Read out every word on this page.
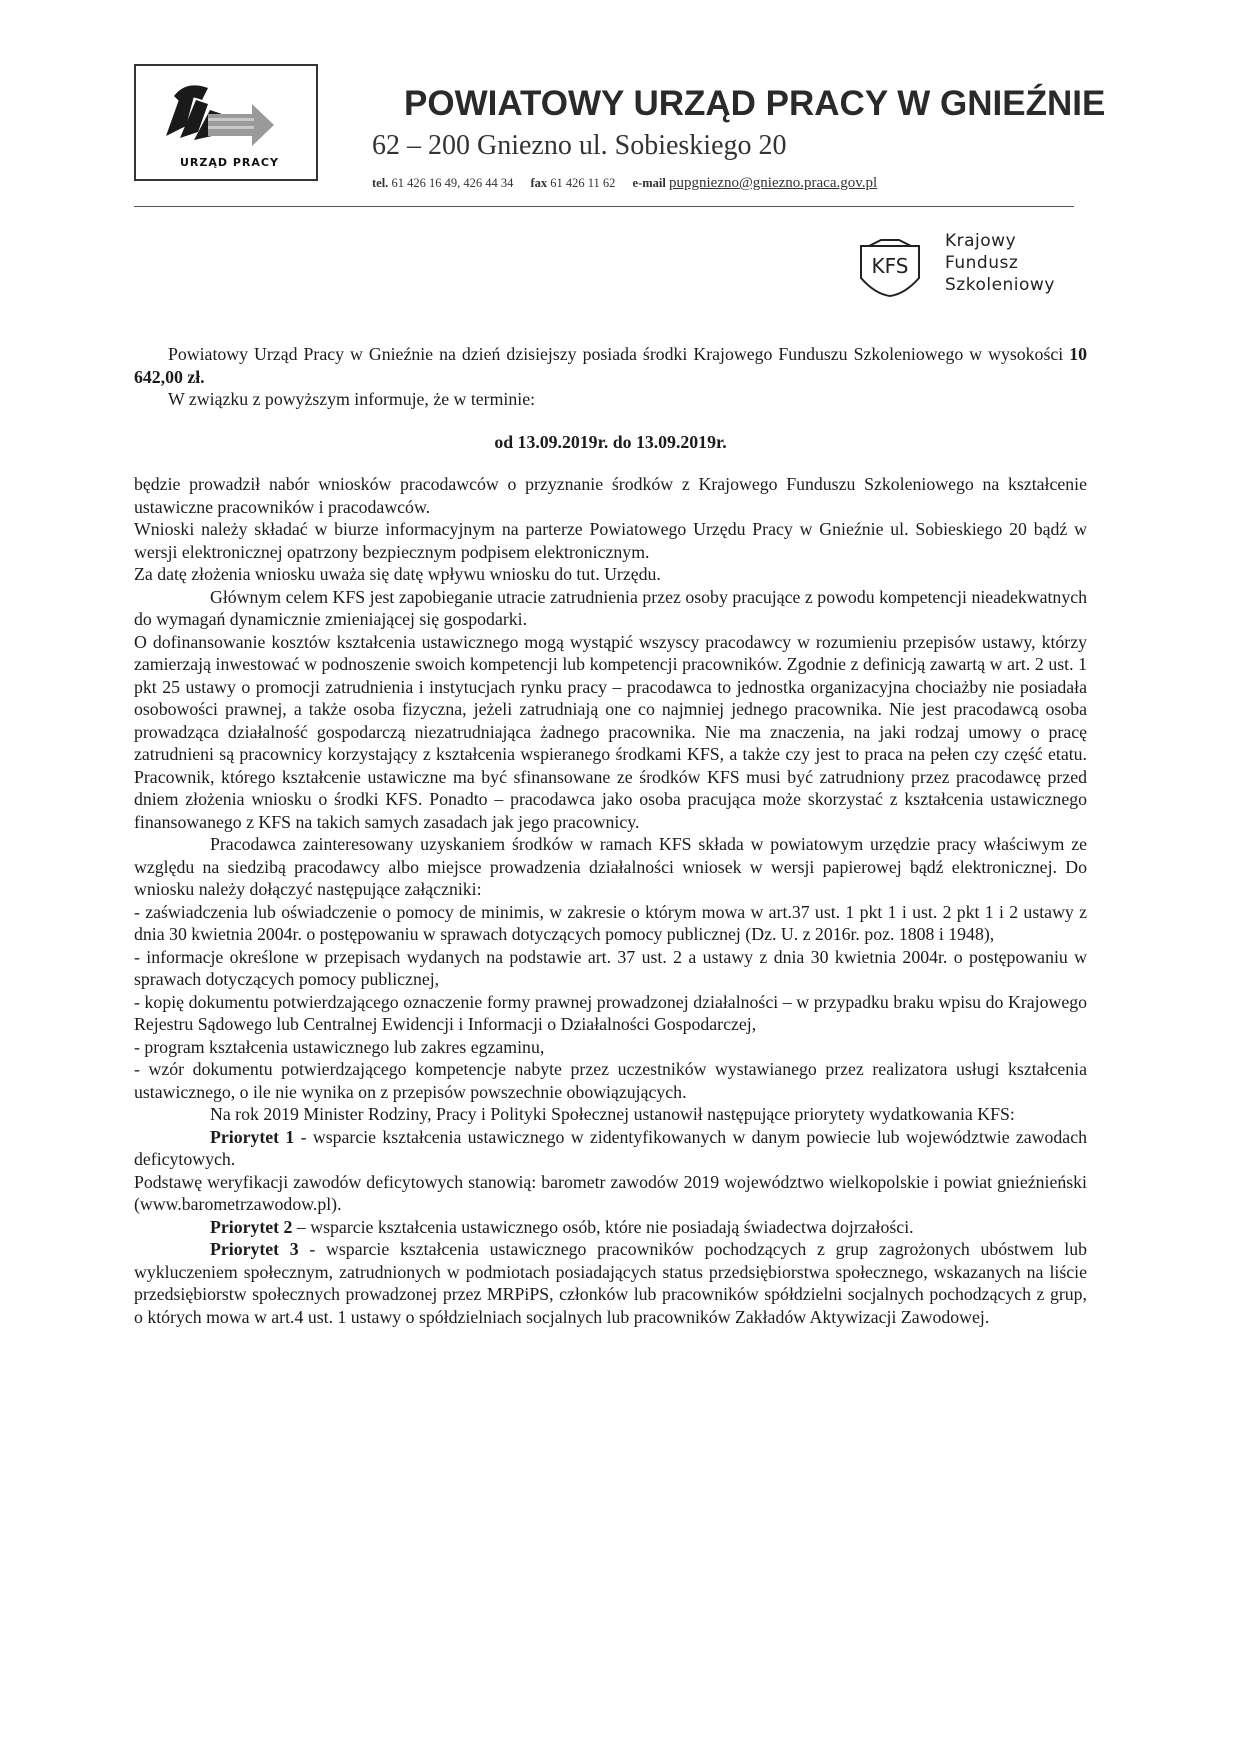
URZĄD PRACY
POWIATOWY URZĄD PRACY W GNIEŹNIE
62 – 200 Gniezno ul. Sobieskiego 20
tel. 61 426 16 49, 426 44 34 fax 61 426 11 62 e-mail pupgniezno@gniezno.praca.gov.pl
KFS
Krajowy
Fundusz
Szkoleniowy

Powiatowy Urząd Pracy w Gnieźnie na dzień dzisiejszy posiada środki Krajowego Funduszu Szkoleniowego w wysokości 10 642,00 zł.

W związku z powyższym informuje, że w terminie:

od 13.09.2019r. do 13.09.2019r.

będzie prowadził nabór wniosków pracodawców o przyznanie środków z Krajowego Funduszu Szkoleniowego na kształcenie ustawiczne pracowników i pracodawców.

Wnioski należy składać w biurze informacyjnym na parterze Powiatowego Urzędu Pracy w Gnieźnie ul. Sobieskiego 20 bądź w wersji elektronicznej opatrzony bezpiecznym podpisem elektronicznym.

Za datę złożenia wniosku uważa się datę wpływu wniosku do tut. Urzędu.

Głównym celem KFS jest zapobieganie utracie zatrudnienia przez osoby pracujące z powodu kompetencji nieadekwatnych do wymagań dynamicznie zmieniającej się gospodarki.

O dofinansowanie kosztów kształcenia ustawicznego mogą wystąpić wszyscy pracodawcy w rozumieniu przepisów ustawy, którzy zamierzają inwestować w podnoszenie swoich kompetencji lub kompetencji pracowników. Zgodnie z definicją zawartą w art. 2 ust. 1 pkt 25 ustawy o promocji zatrudnienia i instytucjach rynku pracy – pracodawca to jednostka organizacyjna chociażby nie posiadała osobowości prawnej, a także osoba fizyczna, jeżeli zatrudniają one co najmniej jednego pracownika. Nie jest pracodawcą osoba prowadząca działalność gospodarczą niezatrudniająca żadnego pracownika. Nie ma znaczenia, na jaki rodzaj umowy o pracę zatrudnieni są pracownicy korzystający z kształcenia wspieranego środkami KFS, a także czy jest to praca na pełen czy część etatu. Pracownik, którego kształcenie ustawiczne ma być sfinansowane ze środków KFS musi być zatrudniony przez pracodawcę przed dniem złożenia wniosku o środki KFS. Ponadto – pracodawca jako osoba pracująca może skorzystać z kształcenia ustawicznego finansowanego z KFS na takich samych zasadach jak jego pracownicy.

Pracodawca zainteresowany uzyskaniem środków w ramach KFS składa w powiatowym urzędzie pracy właściwym ze względu na siedzibą pracodawcy albo miejsce prowadzenia działalności wniosek w wersji papierowej bądź elektronicznej. Do wniosku należy dołączyć następujące załączniki:

- zaświadczenia lub oświadczenie o pomocy de minimis, w zakresie o którym mowa w art.37 ust. 1 pkt 1 i ust. 2 pkt 1 i 2 ustawy z dnia 30 kwietnia 2004r. o postępowaniu w sprawach dotyczących pomocy publicznej (Dz. U. z 2016r. poz. 1808 i 1948),

- informacje określone w przepisach wydanych na podstawie art. 37 ust. 2 a ustawy z dnia 30 kwietnia 2004r. o postępowaniu w sprawach dotyczących pomocy publicznej,

- kopię dokumentu potwierdzającego oznaczenie formy prawnej prowadzonej działalności – w przypadku braku wpisu do Krajowego Rejestru Sądowego lub Centralnej Ewidencji i Informacji o Działalności Gospodarczej,

- program kształcenia ustawicznego lub zakres egzaminu,

- wzór dokumentu potwierdzającego kompetencje nabyte przez uczestników wystawianego przez realizatora usługi kształcenia ustawicznego, o ile nie wynika on z przepisów powszechnie obowiązujących.

Na rok 2019 Minister Rodziny, Pracy i Polityki Społecznej ustanowił następujące priorytety wydatkowania KFS:

Priorytet 1 - wsparcie kształcenia ustawicznego w zidentyfikowanych w danym powiecie lub województwie zawodach deficytowych.

Podstawę weryfikacji zawodów deficytowych stanowią: barometr zawodów 2019 województwo wielkopolskie i powiat gnieźnieński (www.barometrzawodow.pl).

Priorytet 2 – wsparcie kształcenia ustawicznego osób, które nie posiadają świadectwa dojrzałości.

Priorytet 3 - wsparcie kształcenia ustawicznego pracowników pochodzących z grup zagrożonych ubóstwem lub wykluczeniem społecznym, zatrudnionych w podmiotach posiadających status przedsiębiorstwa społecznego, wskazanych na liście przedsiębiorstw społecznych prowadzonej przez MRPiPS, członków lub pracowników spółdzielni socjalnych pochodzących z grup, o których mowa w art.4 ust. 1 ustawy o spółdzielniach socjalnych lub pracowników Zakładów Aktywizacji Zawodowej.
